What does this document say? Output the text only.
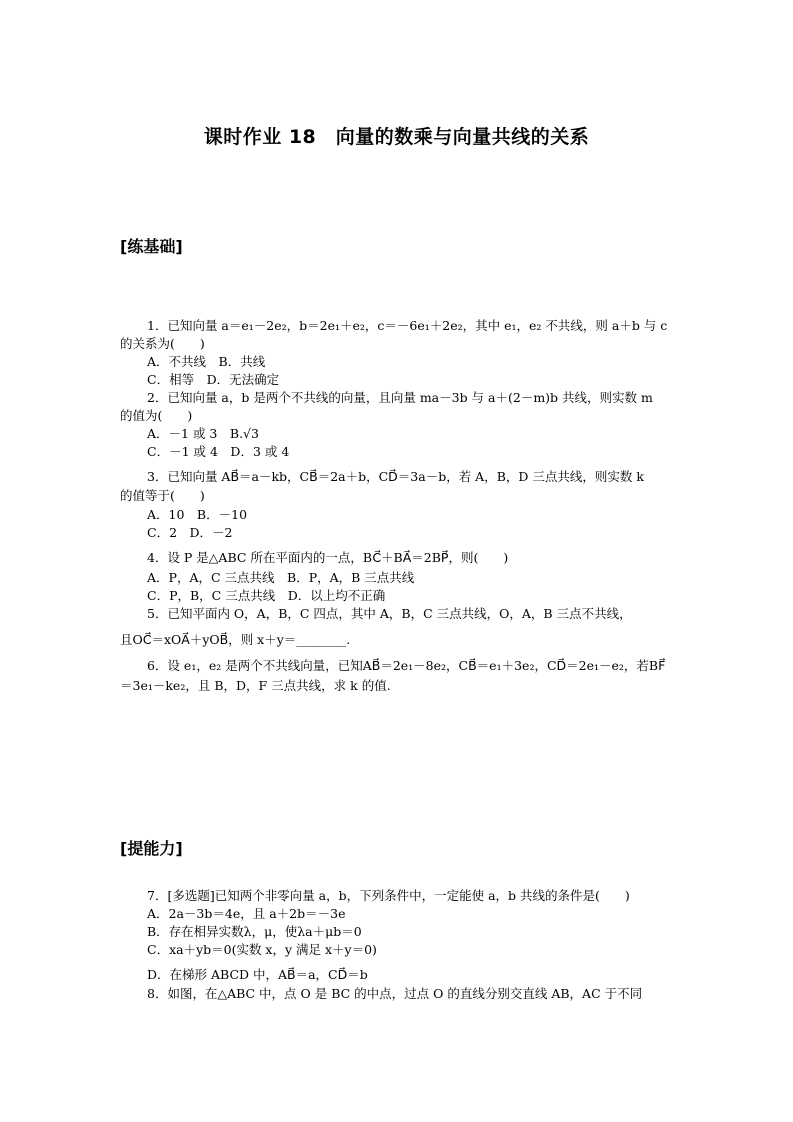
课时作业 18　向量的数乘与向量共线的关系
[练基础]
1．已知向量 a＝e₁－2e₂，b＝2e₁＋e₂，c＝－6e₁＋2e₂，其中 e₁，e₂ 不共线，则 a＋b 与 c
的关系为(　　)
A．不共线　B．共线
C．相等　D．无法确定
2．已知向量 a，b 是两个不共线的向量，且向量 ma－3b 与 a＋(2－m)b 共线，则实数 m
的值为(　　)
A．－1 或 3　B.√3
C．－1 或 4　D．3 或 4
3．已知向量 AB⃗＝a－kb，CB⃗＝2a＋b，CD⃗＝3a－b，若 A，B，D 三点共线，则实数 k
的值等于(　　)
A．10　B．－10
C．2　D．－2
4．设 P 是△ABC 所在平面内的一点，BC⃗＋BA⃗＝2BP⃗，则(　　)
A．P，A，C 三点共线　B．P，A，B 三点共线
C．P，B，C 三点共线　D．以上均不正确
5．已知平面内 O，A，B，C 四点，其中 A，B，C 三点共线，O，A，B 三点不共线，
且OC⃗＝xOA⃗＋yOB⃗，则 x＋y＝________.
6．设 e₁，e₂ 是两个不共线向量，已知AB⃗＝2e₁－8e₂，CB⃗＝e₁＋3e₂，CD⃗＝2e₁－e₂，若BF⃗
＝3e₁－ke₂，且 B，D，F 三点共线，求 k 的值.
[提能力]
7．[多选题]已知两个非零向量 a，b，下列条件中，一定能使 a，b 共线的条件是(　　)
A．2a－3b＝4e，且 a＋2b＝－3e
B．存在相异实数λ，μ，使λa＋μb＝0
C．xa＋yb＝0(实数 x，y 满足 x＋y＝0)
D．在梯形 ABCD 中，AB⃗＝a，CD⃗＝b
8．如图，在△ABC 中，点 O 是 BC 的中点，过点 O 的直线分别交直线 AB，AC 于不同
